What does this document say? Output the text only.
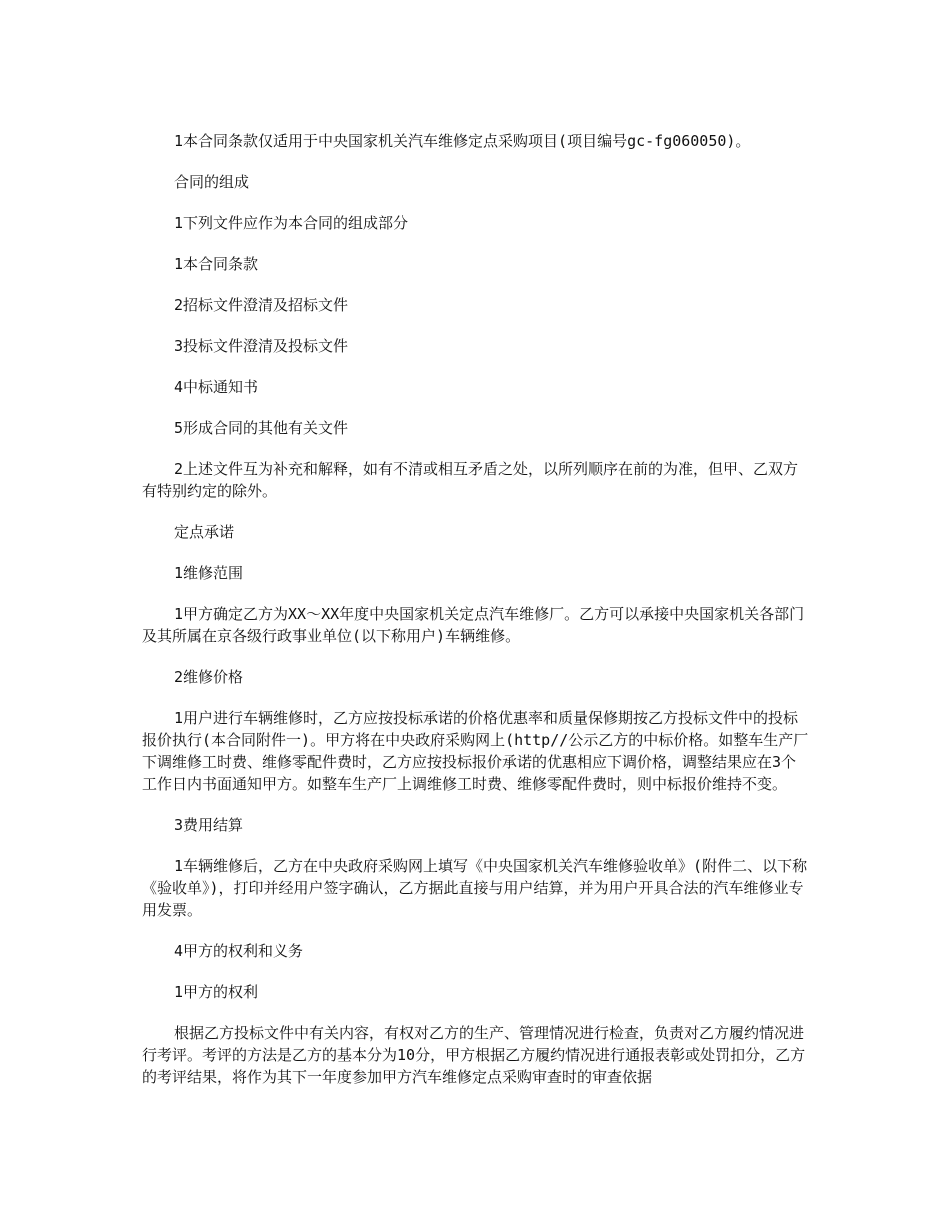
1本合同条款仅适用于中央国家机关汽车维修定点采购项目(项目编号gc-fg060050)。

合同的组成

1下列文件应作为本合同的组成部分

1本合同条款

2招标文件澄清及招标文件

3投标文件澄清及投标文件

4中标通知书

5形成合同的其他有关文件

2上述文件互为补充和解释，如有不清或相互矛盾之处，以所列顺序在前的为准，但甲、乙双方有特别约定的除外。

定点承诺

1维修范围

1甲方确定乙方为XX～XX年度中央国家机关定点汽车维修厂。乙方可以承接中央国家机关各部门及其所属在京各级行政事业单位(以下称用户)车辆维修。

2维修价格

1用户进行车辆维修时，乙方应按投标承诺的价格优惠率和质量保修期按乙方投标文件中的投标报价执行(本合同附件一)。甲方将在中央政府采购网上(http//公示乙方的中标价格。如整车生产厂下调维修工时费、维修零配件费时，乙方应按投标报价承诺的优惠相应下调价格，调整结果应在3个工作日内书面通知甲方。如整车生产厂上调维修工时费、维修零配件费时，则中标报价维持不变。

3费用结算

1车辆维修后，乙方在中央政府采购网上填写《中央国家机关汽车维修验收单》(附件二、以下称《验收单》)，打印并经用户签字确认，乙方据此直接与用户结算，并为用户开具合法的汽车维修业专用发票。

4甲方的权利和义务

1甲方的权利

根据乙方投标文件中有关内容，有权对乙方的生产、管理情况进行检查，负责对乙方履约情况进行考评。考评的方法是乙方的基本分为10分，甲方根据乙方履约情况进行通报表彰或处罚扣分，乙方的考评结果，将作为其下一年度参加甲方汽车维修定点采购审查时的审查依据
